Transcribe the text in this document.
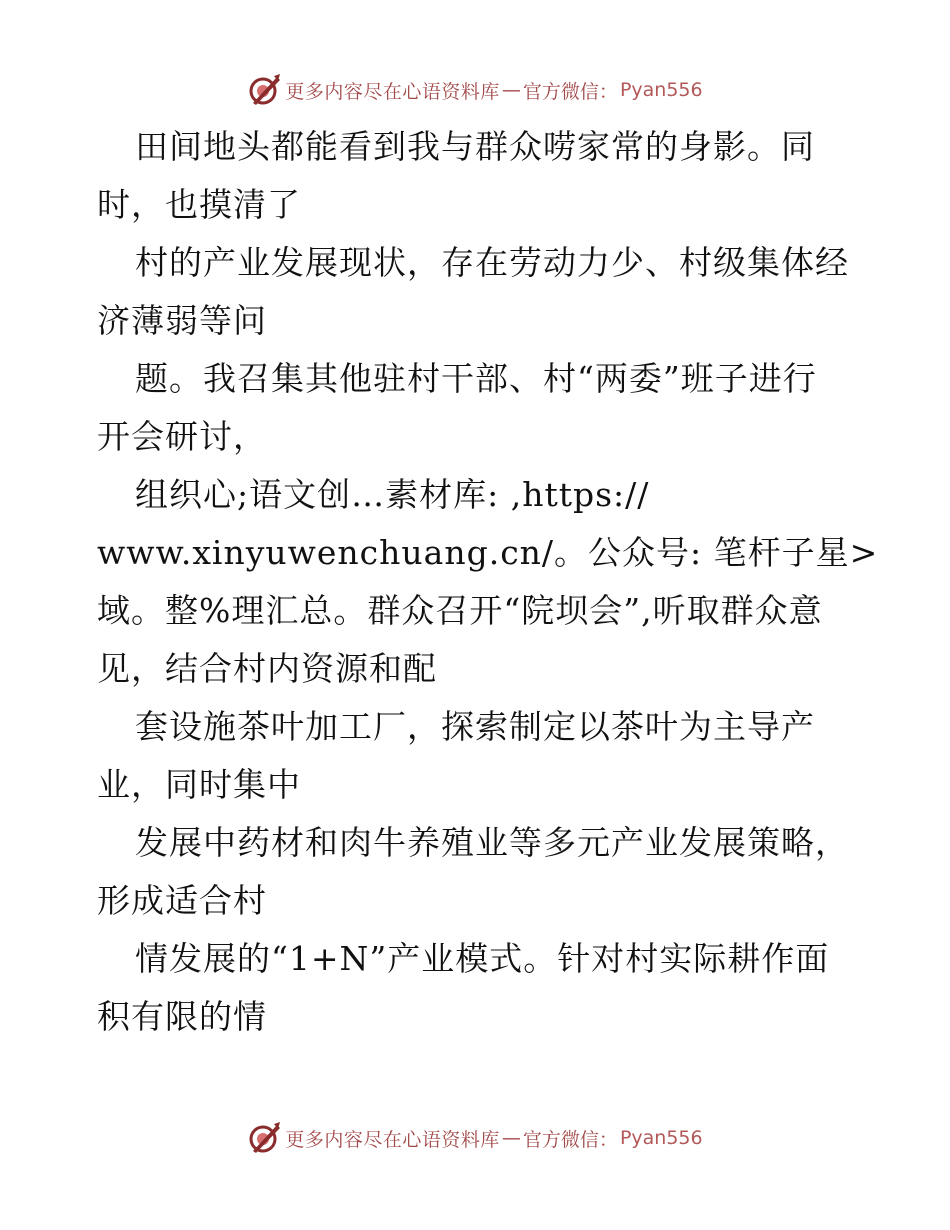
更多内容尽在心语资料库 — 官方微信： Pyan556
田间地头都能看到我与群众唠家常的身影。同
时，也摸清了
村的产业发展现状，存在劳动力少、村级集体经
济薄弱等问
题。我召集其他驻村干部、村“两委”班子进行
开会研讨，
组织心;语文创…素材库: ,https://
www.xinyuwenchuang.cn/。公众号: 笔杆子星>
域。整%理汇总。群众召开“院坝会”,听取群众意
见，结合村内资源和配
套设施茶叶加工厂，探索制定以茶叶为主导产
业，同时集中
发展中药材和肉牛养殖业等多元产业发展策略，
形成适合村
情发展的“1+N”产业模式。针对村实际耕作面
积有限的情
更多内容尽在心语资料库 — 官方微信： Pyan556
